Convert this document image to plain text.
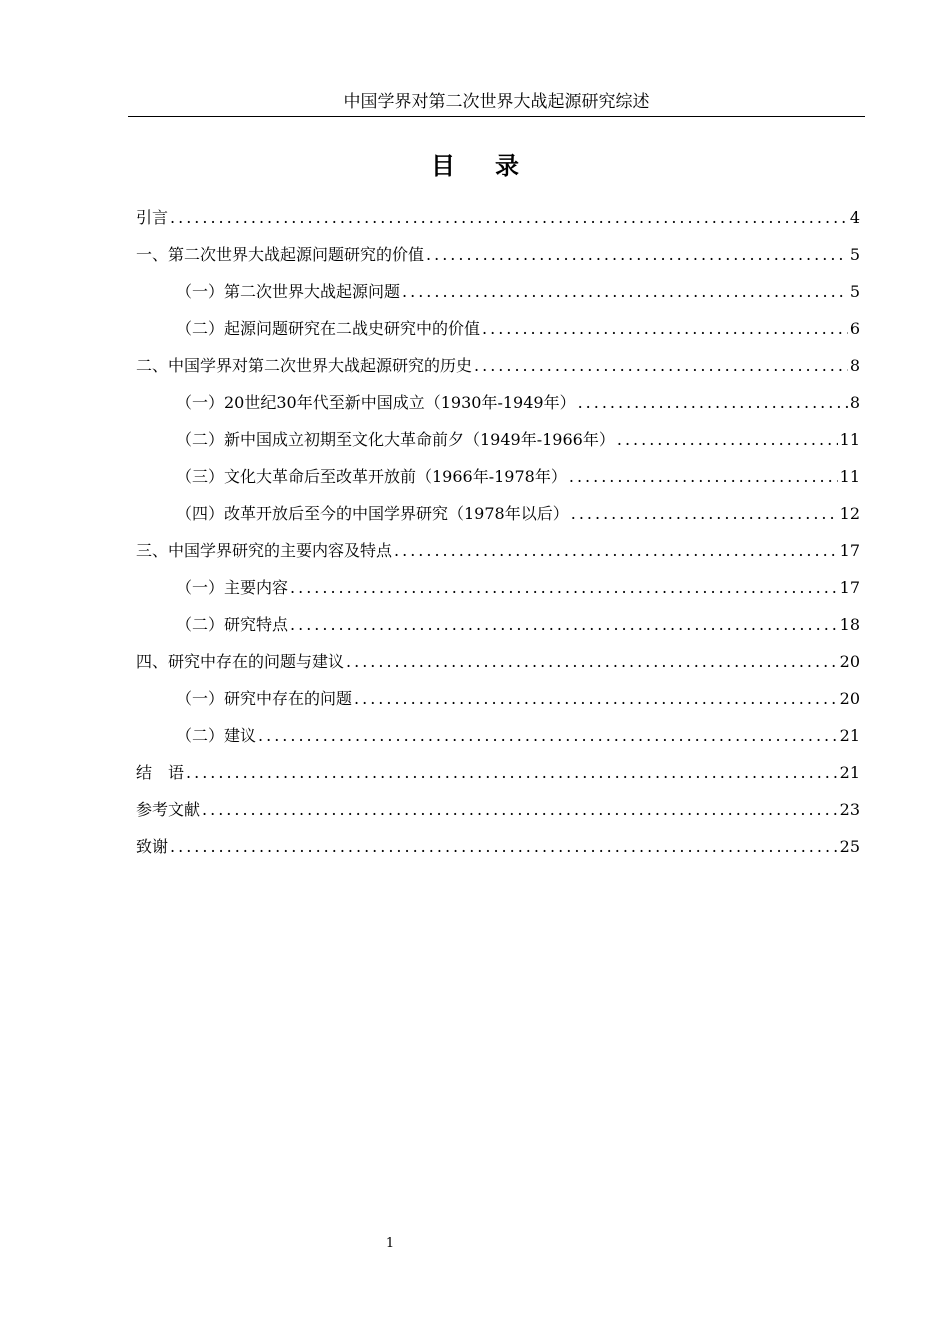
中国学界对第二次世界大战起源研究综述
目录
引言 .....	4
一、第二次世界大战起源问题研究的价值 .....	5
（一）第二次世界大战起源问题 .....	5
（二）起源问题研究在二战史研究中的价值 .....	6
二、中国学界对第二次世界大战起源研究的历史 .....	8
（一）20世纪30年代至新中国成立（1930年-1949年） .....	8
（二）新中国成立初期至文化大革命前夕（1949年-1966年） .....	11
（三）文化大革命后至改革开放前（1966年-1978年） .....	11
（四）改革开放后至今的中国学界研究（1978年以后） .....	12
三、中国学界研究的主要内容及特点 .....	17
（一）主要内容 .....	17
（二）研究特点 .....	18
四、研究中存在的问题与建议 .....	20
（一）研究中存在的问题 .....	20
（二）建议 .....	21
结　语 .....	21
参考文献 .....	23
致谢 .....	25
1
